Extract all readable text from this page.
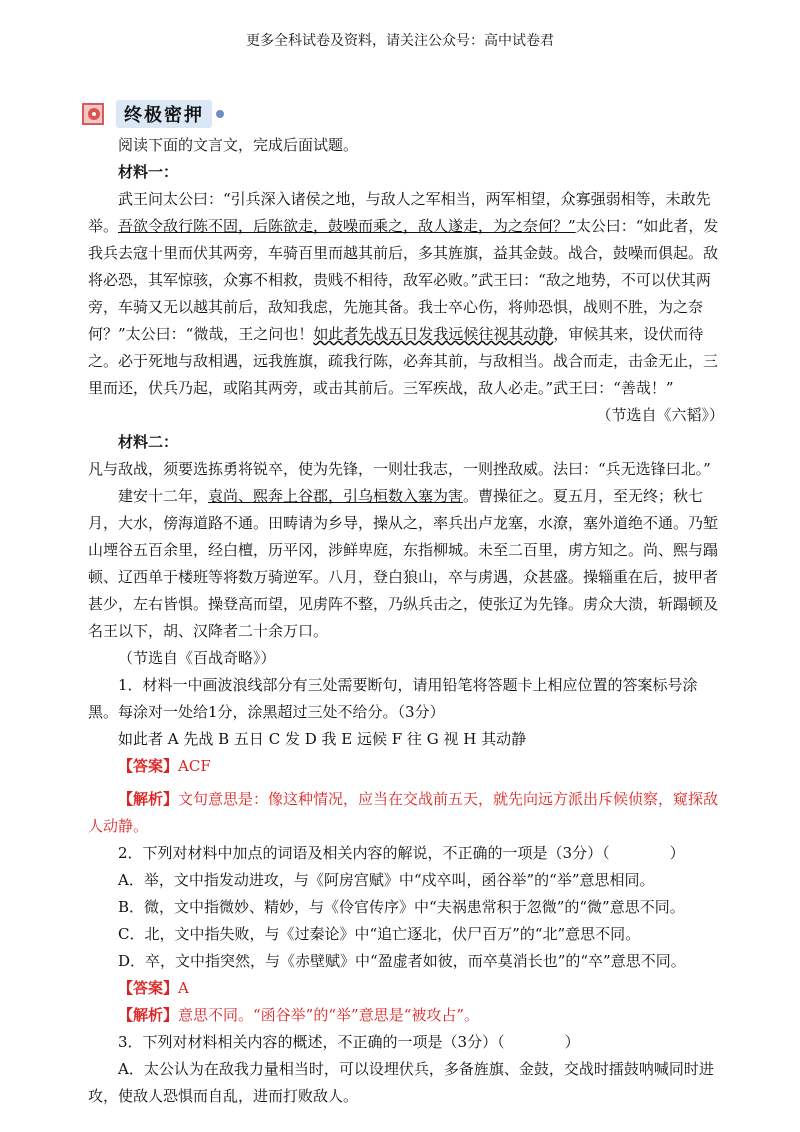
更多全科试卷及资料，请关注公众号：高中试卷君
终极密押

阅读下面的文言文，完成后面试题。

材料一：

武王问太公曰：“引兵深入诸侯之地，与敌人之军相当，两军相望，众寡强弱相等，未敢先举。吾欲令敌行陈不固，后陈欲走，鼓噪而乘之，敌人遂走，为之奈何？”太公曰：“如此者，发我兵去寇十里而伏其两旁，车骑百里而越其前后，多其旌旗，益其金鼓。战合，鼓噪而俱起。敌将必恐，其军惊骇，众寡不相救，贵贱不相待，敌军必败。”武王曰：“敌之地势，不可以伏其两旁，车骑又无以越其前后，敌知我虑，先施其备。我士卒心伤，将帅恐惧，战则不胜，为之奈何？”太公曰：“微哉，王之问也！如此者先战五日发我远候往视其动静，审候其来，设伏而待之。必于死地与敌相遇，远我旌旗，疏我行陈，必奔其前，与敌相当。战合而走，击金无止，三里而还，伏兵乃起，或陷其两旁，或击其前后。三军疾战，敌人必走。”武王曰：“善哉！”

（节选自《六韬》）

材料二：

凡与敌战，须要选拣勇将锐卒，使为先锋，一则壮我志，一则挫敌威。法曰：“兵无选锋曰北。”

建安十二年，袁尚、熙奔上谷郡，引乌桓数入塞为害。曹操征之。夏五月，至无终；秋七月，大水，傍海道路不通。田畴请为乡导，操从之，率兵出卢龙塞，水潦，塞外道绝不通。乃堑山堙谷五百余里，经白檀，历平冈，涉鲜卑庭，东指柳城。未至二百里，虏方知之。尚、熙与蹋顿、辽西单于楼班等将数万骑逆军。八月，登白狼山，卒与虏遇，众甚盛。操辎重在后，披甲者甚少，左右皆惧。操登高而望，见虏阵不整，乃纵兵击之，使张辽为先锋。虏众大溃，斩蹋顿及名王以下，胡、汉降者二十余万口。

（节选自《百战奇略》）

1．材料一中画波浪线部分有三处需要断句，请用铅笔将答题卡上相应位置的答案标号涂黑。每涂对一处给1分，涂黑超过三处不给分。（3分）

如此者 A 先战 B 五日 C 发 D 我 E 远候 F 往 G 视 H 其动静

【答案】ACF

【解析】文句意思是：像这种情况，应当在交战前五天，就先向远方派出斥候侦察，窥探敌人动静。

2．下列对材料中加点的词语及相关内容的解说，不正确的一项是（3分）（　　　　）

A．举，文中指发动进攻，与《阿房宫赋》中“戍卒叫，函谷举”的“举”意思相同。

B．微，文中指微妙、精妙，与《伶官传序》中“夫祸患常积于忽微”的“微”意思不同。

C．北，文中指失败，与《过秦论》中“追亡逐北，伏尸百万”的“北”意思不同。

D．卒，文中指突然，与《赤壁赋》中“盈虚者如彼，而卒莫消长也”的“卒”意思不同。

【答案】A

【解析】意思不同。“函谷举”的“举”意思是“被攻占”。

3．下列对材料相关内容的概述，不正确的一项是（3分）（　　　　）

A．太公认为在敌我力量相当时，可以设埋伏兵，多备旌旗、金鼓，交战时擂鼓呐喊同时进攻，使敌人恐惧而自乱，进而打败敌人。
